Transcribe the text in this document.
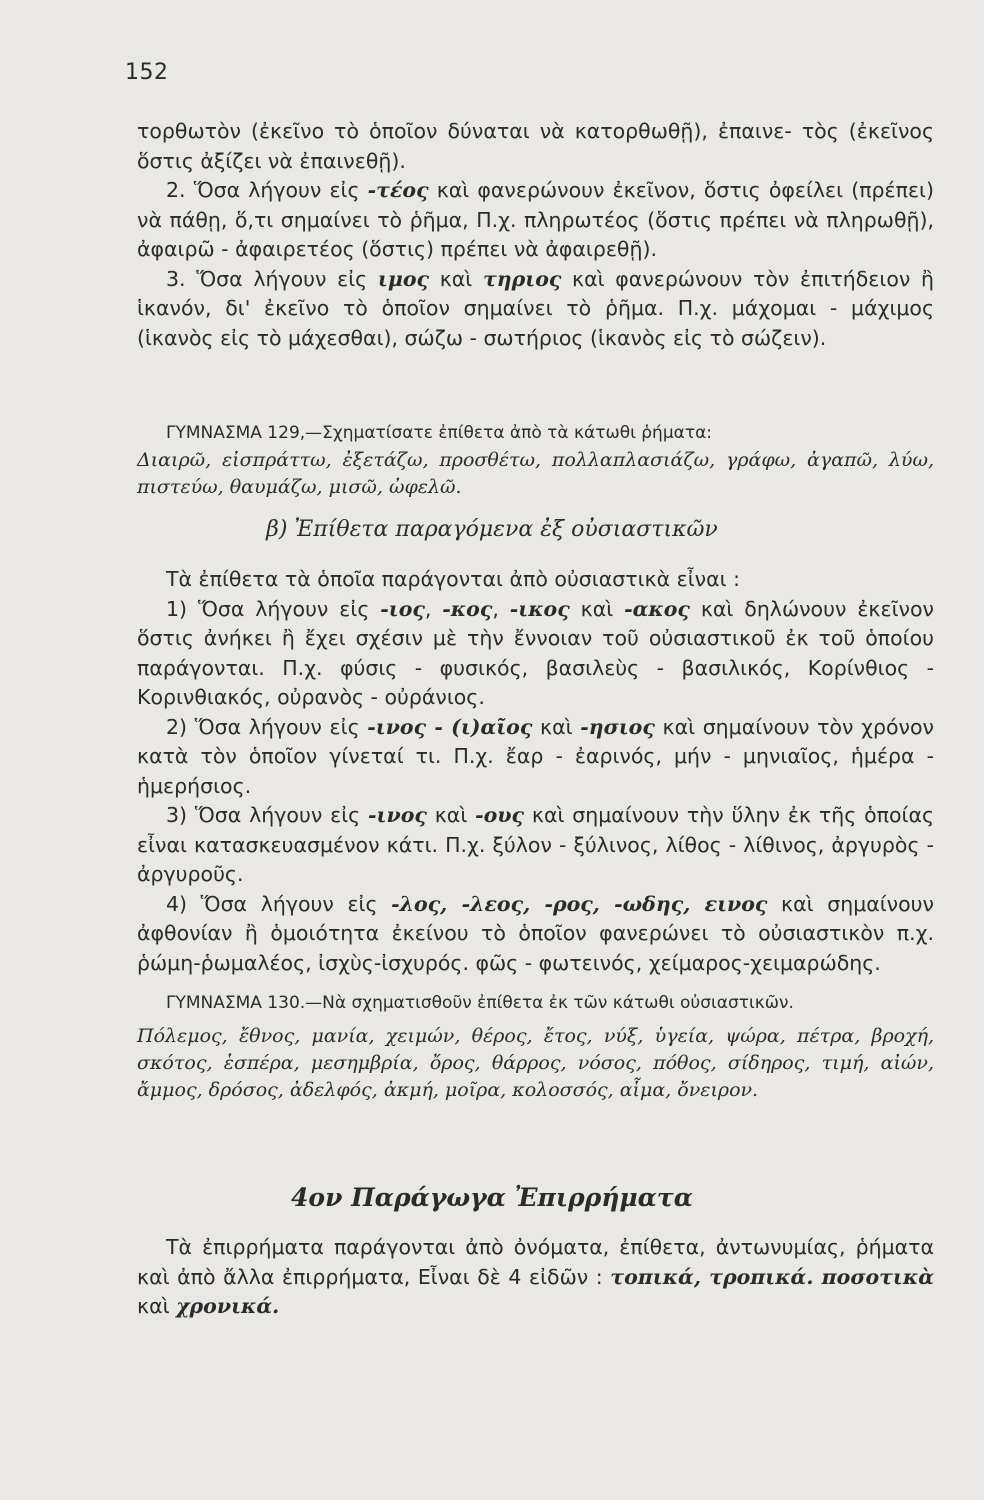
152

τορθωτὸν (ἐκεῖνο τὸ ὁποῖον δύναται νὰ κατορθωθῇ), ἐπαινε- τὸς (ἐκεῖνος ὅστις ἀξίζει νὰ ἐπαινεθῇ).

2. Ὅσα λήγουν εἰς -τέος καὶ φανερώνουν ἐκεῖνον, ὅστις ὀφείλει (πρέπει) νὰ πάθῃ, ὅ,τι σημαίνει τὸ ῥῆμα, Π.χ. πληρωτέος (ὅστις πρέπει νὰ πληρωθῇ), ἀφαιρῶ - ἀφαιρετέος (ὅστις) πρέπει νὰ ἀφαιρεθῇ).

3. Ὅσα λήγουν εἰς ιμος καὶ τηριος καὶ φανερώνουν τὸν ἐπιτήδειον ἢ ἱκανόν, δι' ἐκεῖνο τὸ ὁποῖον σημαίνει τὸ ῥῆμα. Π.χ. μάχομαι - μάχιμος (ἱκανὸς εἰς τὸ μάχεσθαι), σώζω - σωτήριος (ἱκανὸς εἰς τὸ σώζειν).

ΓΥΜΝΑΣΜΑ 129,—Σχηματίσατε ἐπίθετα ἀπὸ τὰ κάτωθι ῥήματα:
Διαιρῶ, εἰσπράττω, ἐξετάζω, προσθέτω, πολλαπλασιάζω, γράφω, ἀγαπῶ, λύω, πιστεύω, θαυμάζω, μισῶ, ὠφελῶ.
β) Ἐπίθετα παραγόμενα ἐξ οὐσιαστικῶν

Τὰ ἐπίθετα τὰ ὁποῖα παράγονται ἀπὸ οὐσιαστικὰ εἶναι :

1) Ὅσα λήγουν εἰς -ιος, -κος, -ικος καὶ -ακος καὶ δηλώνουν ἐκεῖνον ὅστις ἀνήκει ἢ ἔχει σχέσιν μὲ τὴν ἔννοιαν τοῦ οὐσιαστικοῦ ἐκ τοῦ ὁποίου παράγονται. Π.χ. φύσις - φυσικός, βασιλεὺς - βασιλικός, Κορίνθιος - Κορινθιακός, οὐρανὸς - οὐράνιος.

2) Ὅσα λήγουν εἰς -ινος - (ι)αῖος καὶ -ησιος καὶ σημαίνουν τὸν χρόνον κατὰ τὸν ὁποῖον γίνεταί τι. Π.χ. ἔαρ - ἐαρινός, μήν - μηνιαῖος, ἡμέρα - ἡμερήσιος.

3) Ὅσα λήγουν εἰς -ινος καὶ -ους καὶ σημαίνουν τὴν ὕλην ἐκ τῆς ὁποίας εἶναι κατασκευασμένον κάτι. Π.χ. ξύλον - ξύλινος, λίθος - λίθινος, ἀργυρὸς - ἀργυροῦς.

4) Ὅσα λήγουν εἰς -λος, -λεος, -ρος, -ωδης, εινος καὶ σημαίνουν ἀφθονίαν ἢ ὁμοιότητα ἐκείνου τὸ ὁποῖον φανερώνει τὸ οὐσιαστικὸν π.χ. ῥώμη-ῥωμαλέος, ἰσχὺς-ἰσχυρός. φῶς - φωτεινός, χείμαρος-χειμαρώδης.

ΓΥΜΝΑΣΜΑ 130.—Νὰ σχηματισθοῦν ἐπίθετα ἐκ τῶν κάτωθι οὐσιαστικῶν.
Πόλεμος, ἔθνος, μανία, χειμών, θέρος, ἔτος, νύξ, ὑγεία, ψώρα, πέτρα, βροχή, σκότος, ἑσπέρα, μεσημβρία, ὄρος, θάρρος, νόσος, πόθος, σίδηρος, τιμή, αἰών, ἄμμος, δρόσος, ἀδελφός, ἀκμή, μοῖρα, κολοσσός, αἷμα, ὄνειρον.
4ον Παράγωγα Ἐπιρρήματα

Τὰ ἐπιρρήματα παράγονται ἀπὸ ὀνόματα, ἐπίθετα, ἀντωνυμίας, ῥήματα καὶ ἀπὸ ἄλλα ἐπιρρήματα, Εἶναι δὲ 4 εἰδῶν : τοπικά, τροπικά. ποσοτικὰ καὶ χρονικά.
